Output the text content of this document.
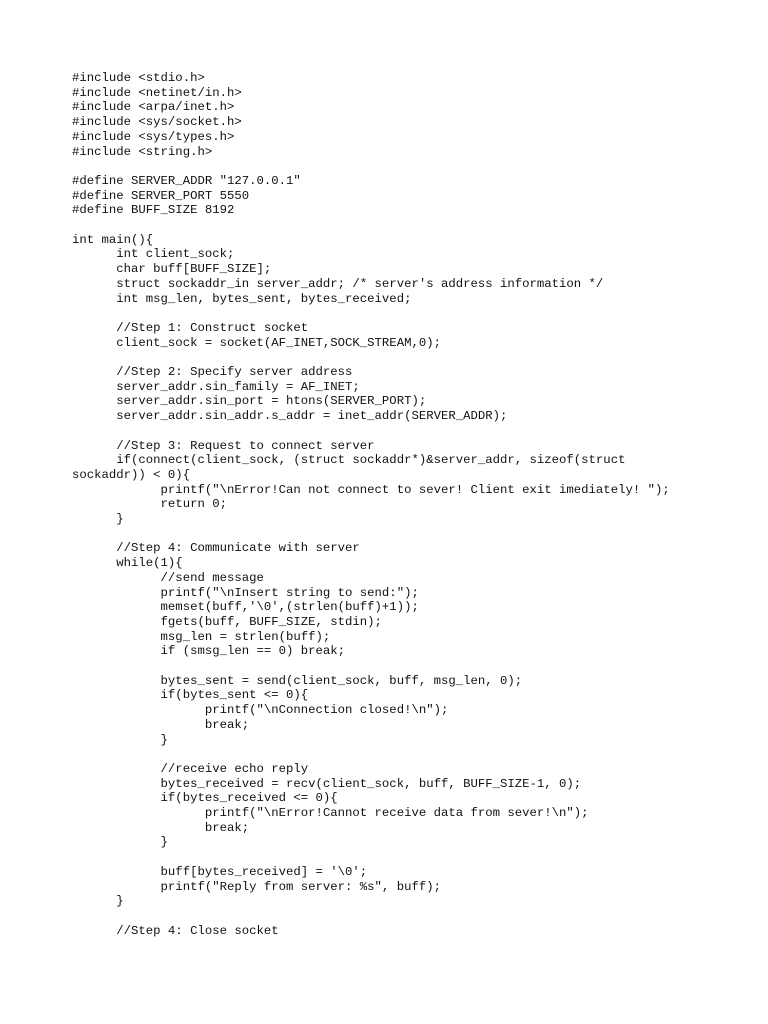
#include <stdio.h>
#include <netinet/in.h>
#include <arpa/inet.h>
#include <sys/socket.h>
#include <sys/types.h>
#include <string.h>
#define SERVER_ADDR "127.0.0.1"
#define SERVER_PORT 5550
#define BUFF_SIZE 8192
int main(){
int client_sock;
char buff[BUFF_SIZE];
struct sockaddr_in server_addr; /* server's address information */
int msg_len, bytes_sent, bytes_received;
//Step 1: Construct socket
client_sock = socket(AF_INET,SOCK_STREAM,0);
//Step 2: Specify server address
server_addr.sin_family = AF_INET;
server_addr.sin_port = htons(SERVER_PORT);
server_addr.sin_addr.s_addr = inet_addr(SERVER_ADDR);
//Step 3: Request to connect server
if(connect(client_sock, (struct sockaddr*)&server_addr, sizeof(struct
sockaddr)) < 0){
printf("\nError!Can not connect to sever! Client exit imediately! ");
return 0;
}
//Step 4: Communicate with server
while(1){
//send message
printf("\nInsert string to send:");
memset(buff,'\0',(strlen(buff)+1));
fgets(buff, BUFF_SIZE, stdin);
msg_len = strlen(buff);
if (smsg_len == 0) break;
bytes_sent = send(client_sock, buff, msg_len, 0);
if(bytes_sent <= 0){
printf("\nConnection closed!\n");
break;
}
//receive echo reply
bytes_received = recv(client_sock, buff, BUFF_SIZE-1, 0);
if(bytes_received <= 0){
printf("\nError!Cannot receive data from sever!\n");
break;
}
buff[bytes_received] = '\0';
printf("Reply from server: %s", buff);
}
//Step 4: Close socket
